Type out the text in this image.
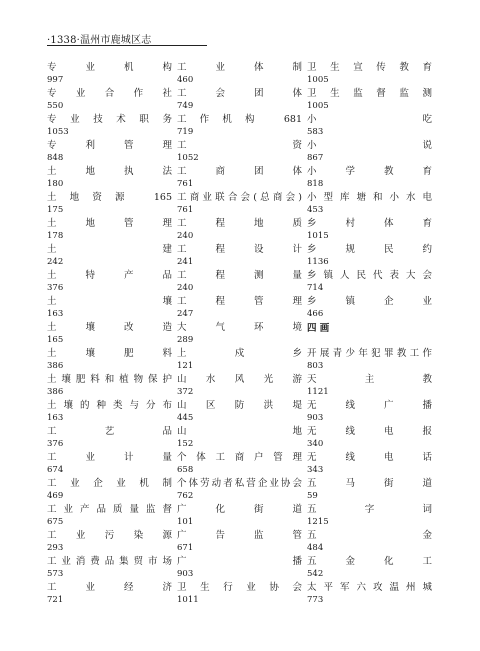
·1338·温州市鹿城区志
专 业 机 构
997
专 业 合 作 社
550
专 业 技 术 职 务
1053
专 利 管 理
848
土 地 执 法
180
土地资源 165
175
土 地 管 理
178
土 建
242
土 特 产 品
376
土 壤
163
土 壤 改 造
165
土 壤 肥 料
386
土壤肥料和植物保护
386
土 壤 的 种 类 与 分 布
163
工 艺 品
376
工 业 计 量
674
工 业 企 业 机 制
469
工 业 产 品 质 量 监 督
675
工 业 污 染 源
293
工 业 消 费 品 集 贸 市 场
573
工 业 经 济
721
工 业 体 制
460
工 会 团 体
749
工作机构 681
719
工 资
1052
工 商 团 体
761
工商业联合会(总商会)
761
工 程 地 质
240
工 程 设 计
241
工 程 测 量
240
工 程 管 理
247
大 气 环 境
289
上 戍 乡
121
山 水 风 光 游
372
山 区 防 洪 堤
445
山 地
152
个 体 工 商 户 管 理
658
个体劳动者私营企业协会
762
广 化 街 道
101
广 告 监 管
671
广 播
903
卫 生 行 业 协 会
1011
卫 生 宣 传 教 育
1005
卫 生 监 督 监 测
1005
小 吃
583
小 说
867
小 学 教 育
818
小 型 库 塘 和 小 水 电
453
乡 村 体 育
1015
乡 规 民 约
1136
乡 镇 人 民 代 表 大 会
714
乡 镇 企 业
466
四 画
开 展 青 少 年 犯 罪 教 工 作
803
天 主 教
1121
无 线 广 播
903
无 线 电 报
340
无 线 电 话
343
五 马 街 道
59
五 字 词
1215
五 金
484
五 金 化 工
542
太 平 军 六 攻 温 州 城
773
